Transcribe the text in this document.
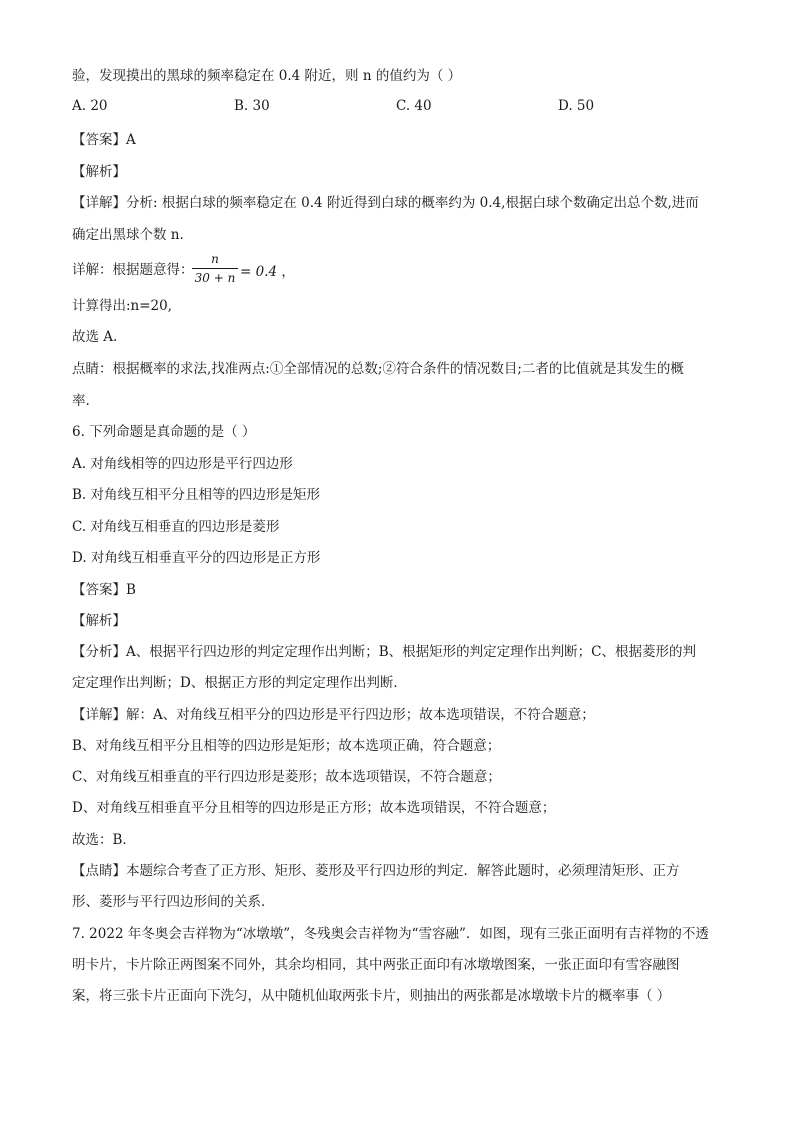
验，发现摸出的黑球的频率稳定在 0.4 附近，则 n 的值约为（ ）
A. 20	B. 30	C. 40	D. 50
【答案】A
【解析】
【详解】分析: 根据白球的频率稳定在 0.4 附近得到白球的概率约为 0.4,根据白球个数确定出总个数,进而
确定出黑球个数 n.
详解：根据题意得：
n
30 + n = 0.4 ，
计算得出:n=20,
故选 A.
点睛：根据概率的求法,找准两点:①全部情况的总数;②符合条件的情况数目;二者的比值就是其发生的概
率.
6. 下列命题是真命题的是（ ）
A. 对角线相等的四边形是平行四边形
B. 对角线互相平分且相等的四边形是矩形
C. 对角线互相垂直的四边形是菱形
D. 对角线互相垂直平分的四边形是正方形
【答案】B
【解析】
【分析】A、根据平行四边形的判定定理作出判断；B、根据矩形的判定定理作出判断；C、根据菱形的判
定定理作出判断；D、根据正方形的判定定理作出判断．
【详解】解：A、对角线互相平分的四边形是平行四边形；故本选项错误，不符合题意；
B、对角线互相平分且相等的四边形是矩形；故本选项正确，符合题意；
C、对角线互相垂直的平行四边形是菱形；故本选项错误，不符合题意；
D、对角线互相垂直平分且相等的四边形是正方形；故本选项错误，不符合题意；
故选：B．
【点睛】本题综合考查了正方形、矩形、菱形及平行四边形的判定．解答此题时，必须理清矩形、正方
形、菱形与平行四边形间的关系．
7. 2022 年冬奥会吉祥物为“冰墩墩”，冬残奥会吉祥物为“雪容融”．如图，现有三张正面明有吉祥物的不透
明卡片，卡片除正两图案不同外，其余均相同，其中两张正面印有冰墩墩图案，一张正面印有雪容融图
案，将三张卡片正面向下洗匀，从中随机仙取两张卡片，则抽出的两张都是冰墩墩卡片的概率事（ ）
